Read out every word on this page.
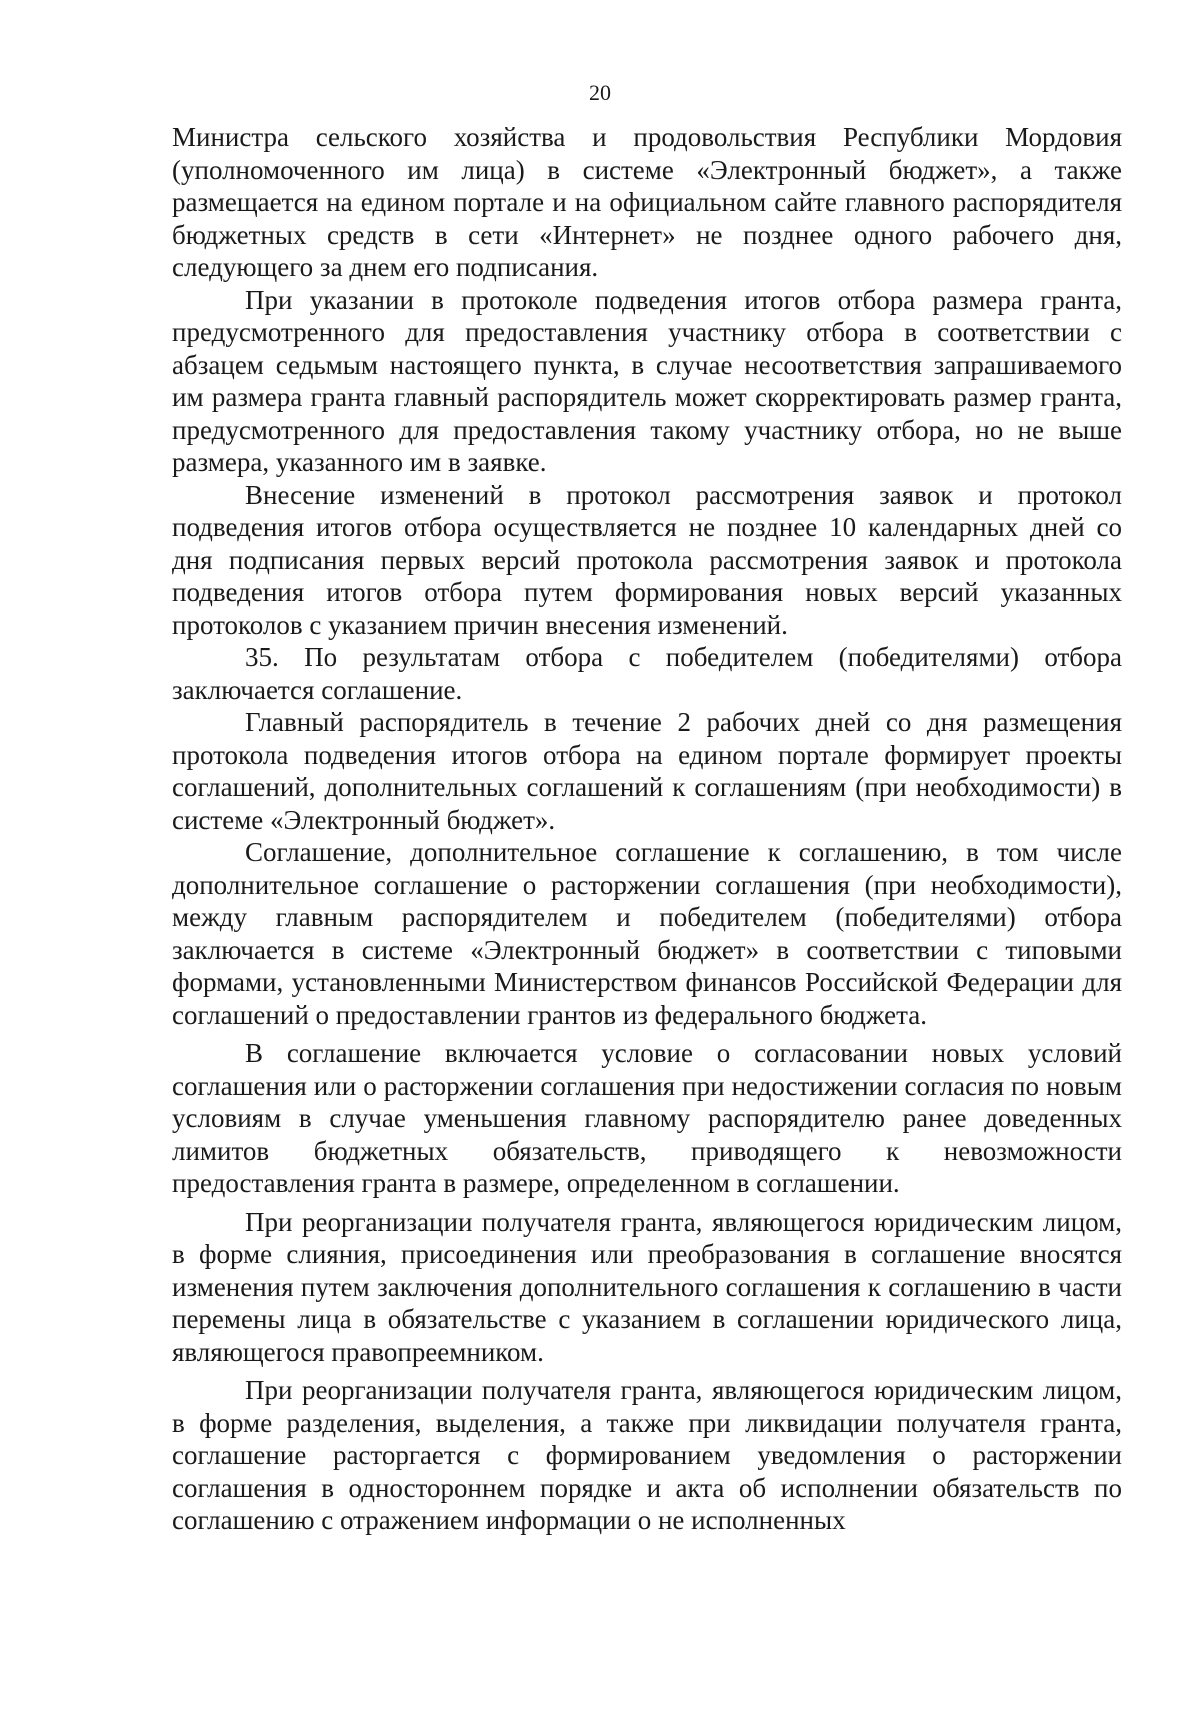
20

Министра сельского хозяйства и продовольствия Республики Мордовия (уполномоченного им лица) в системе «Электронный бюджет», а также размещается на едином портале и на официальном сайте главного распорядителя бюджетных средств в сети «Интернет» не позднее одного рабочего дня, следующего за днем его подписания.

При указании в протоколе подведения итогов отбора размера гранта, предусмотренного для предоставления участнику отбора в соответствии с абзацем седьмым настоящего пункта, в случае несоответствия запрашиваемого им размера гранта главный распорядитель может скорректировать размер гранта, предусмотренного для предоставления такому участнику отбора, но не выше размера, указанного им в заявке.

Внесение изменений в протокол рассмотрения заявок и протокол подведения итогов отбора осуществляется не позднее 10 календарных дней со дня подписания первых версий протокола рассмотрения заявок и протокола подведения итогов отбора путем формирования новых версий указанных протоколов с указанием причин внесения изменений.

35. По результатам отбора с победителем (победителями) отбора заключается соглашение.

Главный распорядитель в течение 2 рабочих дней со дня размещения протокола подведения итогов отбора на едином портале формирует проекты соглашений, дополнительных соглашений к соглашениям (при необходимости) в системе «Электронный бюджет».

Соглашение, дополнительное соглашение к соглашению, в том числе дополнительное соглашение о расторжении соглашения (при необходимости), между главным распорядителем и победителем (победителями) отбора заключается в системе «Электронный бюджет» в соответствии с типовыми формами, установленными Министерством финансов Российской Федерации для соглашений о предоставлении грантов из федерального бюджета.

В соглашение включается условие о согласовании новых условий соглашения или о расторжении соглашения при недостижении согласия по новым условиям в случае уменьшения главному распорядителю ранее доведенных лимитов бюджетных обязательств, приводящего к невозможности предоставления гранта в размере, определенном в соглашении.

При реорганизации получателя гранта, являющегося юридическим лицом, в форме слияния, присоединения или преобразования в соглашение вносятся изменения путем заключения дополнительного соглашения к соглашению в части перемены лица в обязательстве с указанием в соглашении юридического лица, являющегося правопреемником.

При реорганизации получателя гранта, являющегося юридическим лицом, в форме разделения, выделения, а также при ликвидации получателя гранта, соглашение расторгается с формированием уведомления о расторжении соглашения в одностороннем порядке и акта об исполнении обязательств по соглашению с отражением информации о не исполненных
